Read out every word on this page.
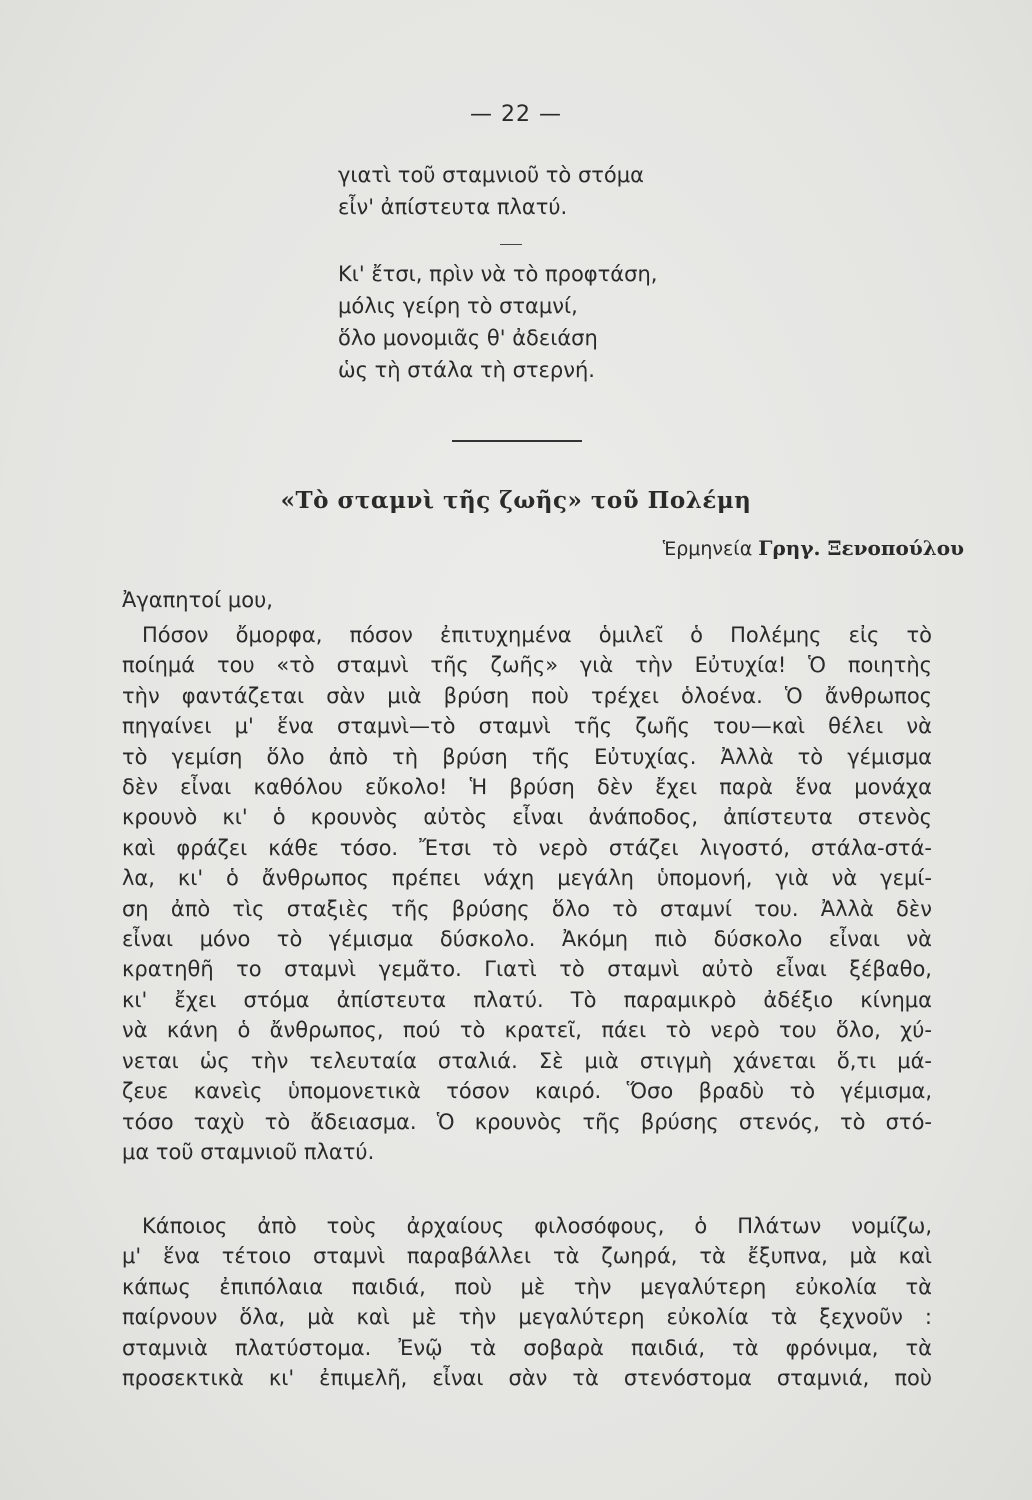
— 22 —
γιατὶ τοῦ σταμνιοῦ τὸ στόμα
εἶν' ἀπίστευτα πλατύ.
Κι' ἔτσι, πρὶν νὰ τὸ προφτάση,
μόλις γείρη τὸ σταμνί,
ὅλο μονομιᾶς θ' ἀδειάση
ὡς τὴ στάλα τὴ στερνή.
«Τὸ σταμνὶ τῆς ζωῆς» τοῦ Πολέμη
Ἑρμηνεία Γρηγ. Ξενοπούλου
Ἀγαπητοί μου,
Πόσον ὄμορφα, πόσον ἐπιτυχημένα ὁμιλεῖ ὁ Πολέμης εἰς τὸ
ποίημά του «τὸ σταμνὶ τῆς ζωῆς» γιὰ τὴν Εὐτυχία! Ὁ ποιητὴς
τὴν φαντάζεται σὰν μιὰ βρύση ποὺ τρέχει ὁλοένα. Ὁ ἄνθρωπος
πηγαίνει μ' ἕνα σταμνὶ—τὸ σταμνὶ τῆς ζωῆς του—καὶ θέλει νὰ
τὸ γεμίση ὅλο ἀπὸ τὴ βρύση τῆς Εὐτυχίας. Ἀλλὰ τὸ γέμισμα
δὲν εἶναι καθόλου εὔκολο! Ἡ βρύση δὲν ἔχει παρὰ ἕνα μονάχα
κρουνὸ κι' ὁ κρουνὸς αὐτὸς εἶναι ἀνάποδος, ἀπίστευτα στενὸς
καὶ φράζει κάθε τόσο. Ἔτσι τὸ νερὸ στάζει λιγοστό, στάλα-στά-
λα, κι' ὁ ἄνθρωπος πρέπει νάχη μεγάλη ὑπομονή, γιὰ νὰ γεμί-
ση ἀπὸ τὶς σταξιὲς τῆς βρύσης ὅλο τὸ σταμνί του. Ἀλλὰ δὲν
εἶναι μόνο τὸ γέμισμα δύσκολο. Ἀκόμη πιὸ δύσκολο εἶναι νὰ
κρατηθῆ το σταμνὶ γεμᾶτο. Γιατὶ τὸ σταμνὶ αὐτὸ εἶναι ξέβαθο,
κι' ἔχει στόμα ἀπίστευτα πλατύ. Τὸ παραμικρὸ ἀδέξιο κίνημα
νὰ κάνη ὁ ἄνθρωπος, πού τὸ κρατεῖ, πάει τὸ νερὸ του ὅλο, χύ-
νεται ὡς τὴν τελευταία σταλιά. Σὲ μιὰ στιγμὴ χάνεται ὅ,τι μά-
ζευε κανεὶς ὑπομονετικὰ τόσον καιρό. Ὅσο βραδὺ τὸ γέμισμα,
τόσο ταχὺ τὸ ἄδειασμα. Ὁ κρουνὸς τῆς βρύσης στενός, τὸ στό-
μα τοῦ σταμνιοῦ πλατύ.
Κάποιος ἀπὸ τοὺς ἀρχαίους φιλοσόφους, ὁ Πλάτων νομίζω,
μ' ἕνα τέτοιο σταμνὶ παραβάλλει τὰ ζωηρά, τὰ ἔξυπνα, μὰ καὶ
κάπως ἐπιπόλαια παιδιά, ποὺ μὲ τὴν μεγαλύτερη εὐκολία τὰ
παίρνουν ὅλα, μὰ καὶ μὲ τὴν μεγαλύτερη εὐκολία τὰ ξεχνοῦν :
σταμνιὰ πλατύστομα. Ἐνῷ τὰ σοβαρὰ παιδιά, τὰ φρόνιμα, τὰ
προσεκτικὰ κι' ἐπιμελῆ, εἶναι σὰν τὰ στενόστομα σταμνιά, ποὺ
